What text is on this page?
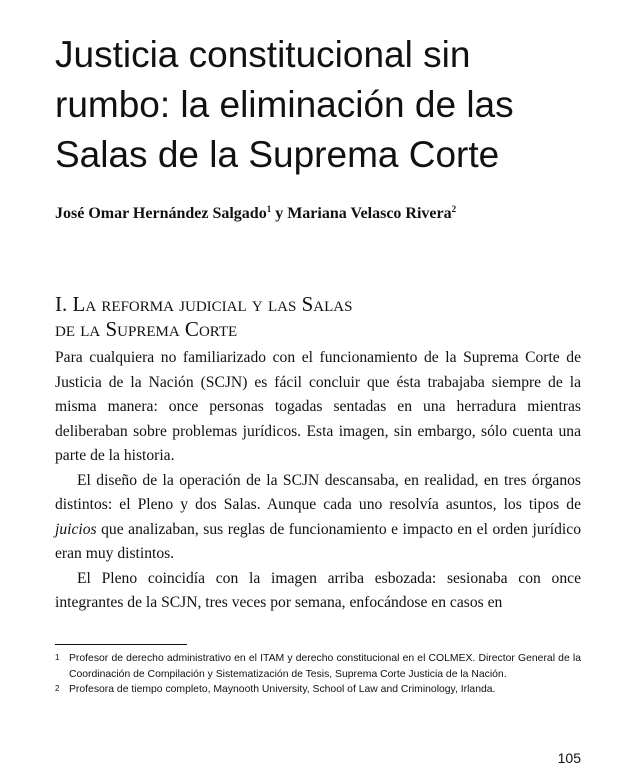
Justicia constitucional sin rumbo: la eliminación de las Salas de la Suprema Corte
José Omar Hernández Salgado$^1$ y Mariana Velasco Rivera$^2$
I. La reforma judicial y las Salas
de la Suprema Corte

Para cualquiera no familiarizado con el funcionamiento de la Suprema Corte de Justicia de la Nación (SCJN) es fácil concluir que ésta trabajaba siempre de la misma manera: once personas togadas sentadas en una herradura mientras deliberaban sobre problemas jurídicos. Esta imagen, sin embargo, sólo cuenta una parte de la historia.

El diseño de la operación de la SCJN descansaba, en realidad, en tres órganos distintos: el Pleno y dos Salas. Aunque cada uno resolvía asuntos, los tipos de juicios que analizaban, sus reglas de funcionamiento e impacto en el orden jurídico eran muy distintos.

El Pleno coincidía con la imagen arriba esbozada: sesionaba con once integrantes de la SCJN, tres veces por semana, enfocándose en casos en

1 Profesor de derecho administrativo en el ITAM y derecho constitucional en el COLMEX. Director General de la Coordinación de Compilación y Sistematización de Tesis, Suprema Corte Justicia de la Nación.
2 Profesora de tiempo completo, Maynooth University, School of Law and Criminology, Irlanda.
105
